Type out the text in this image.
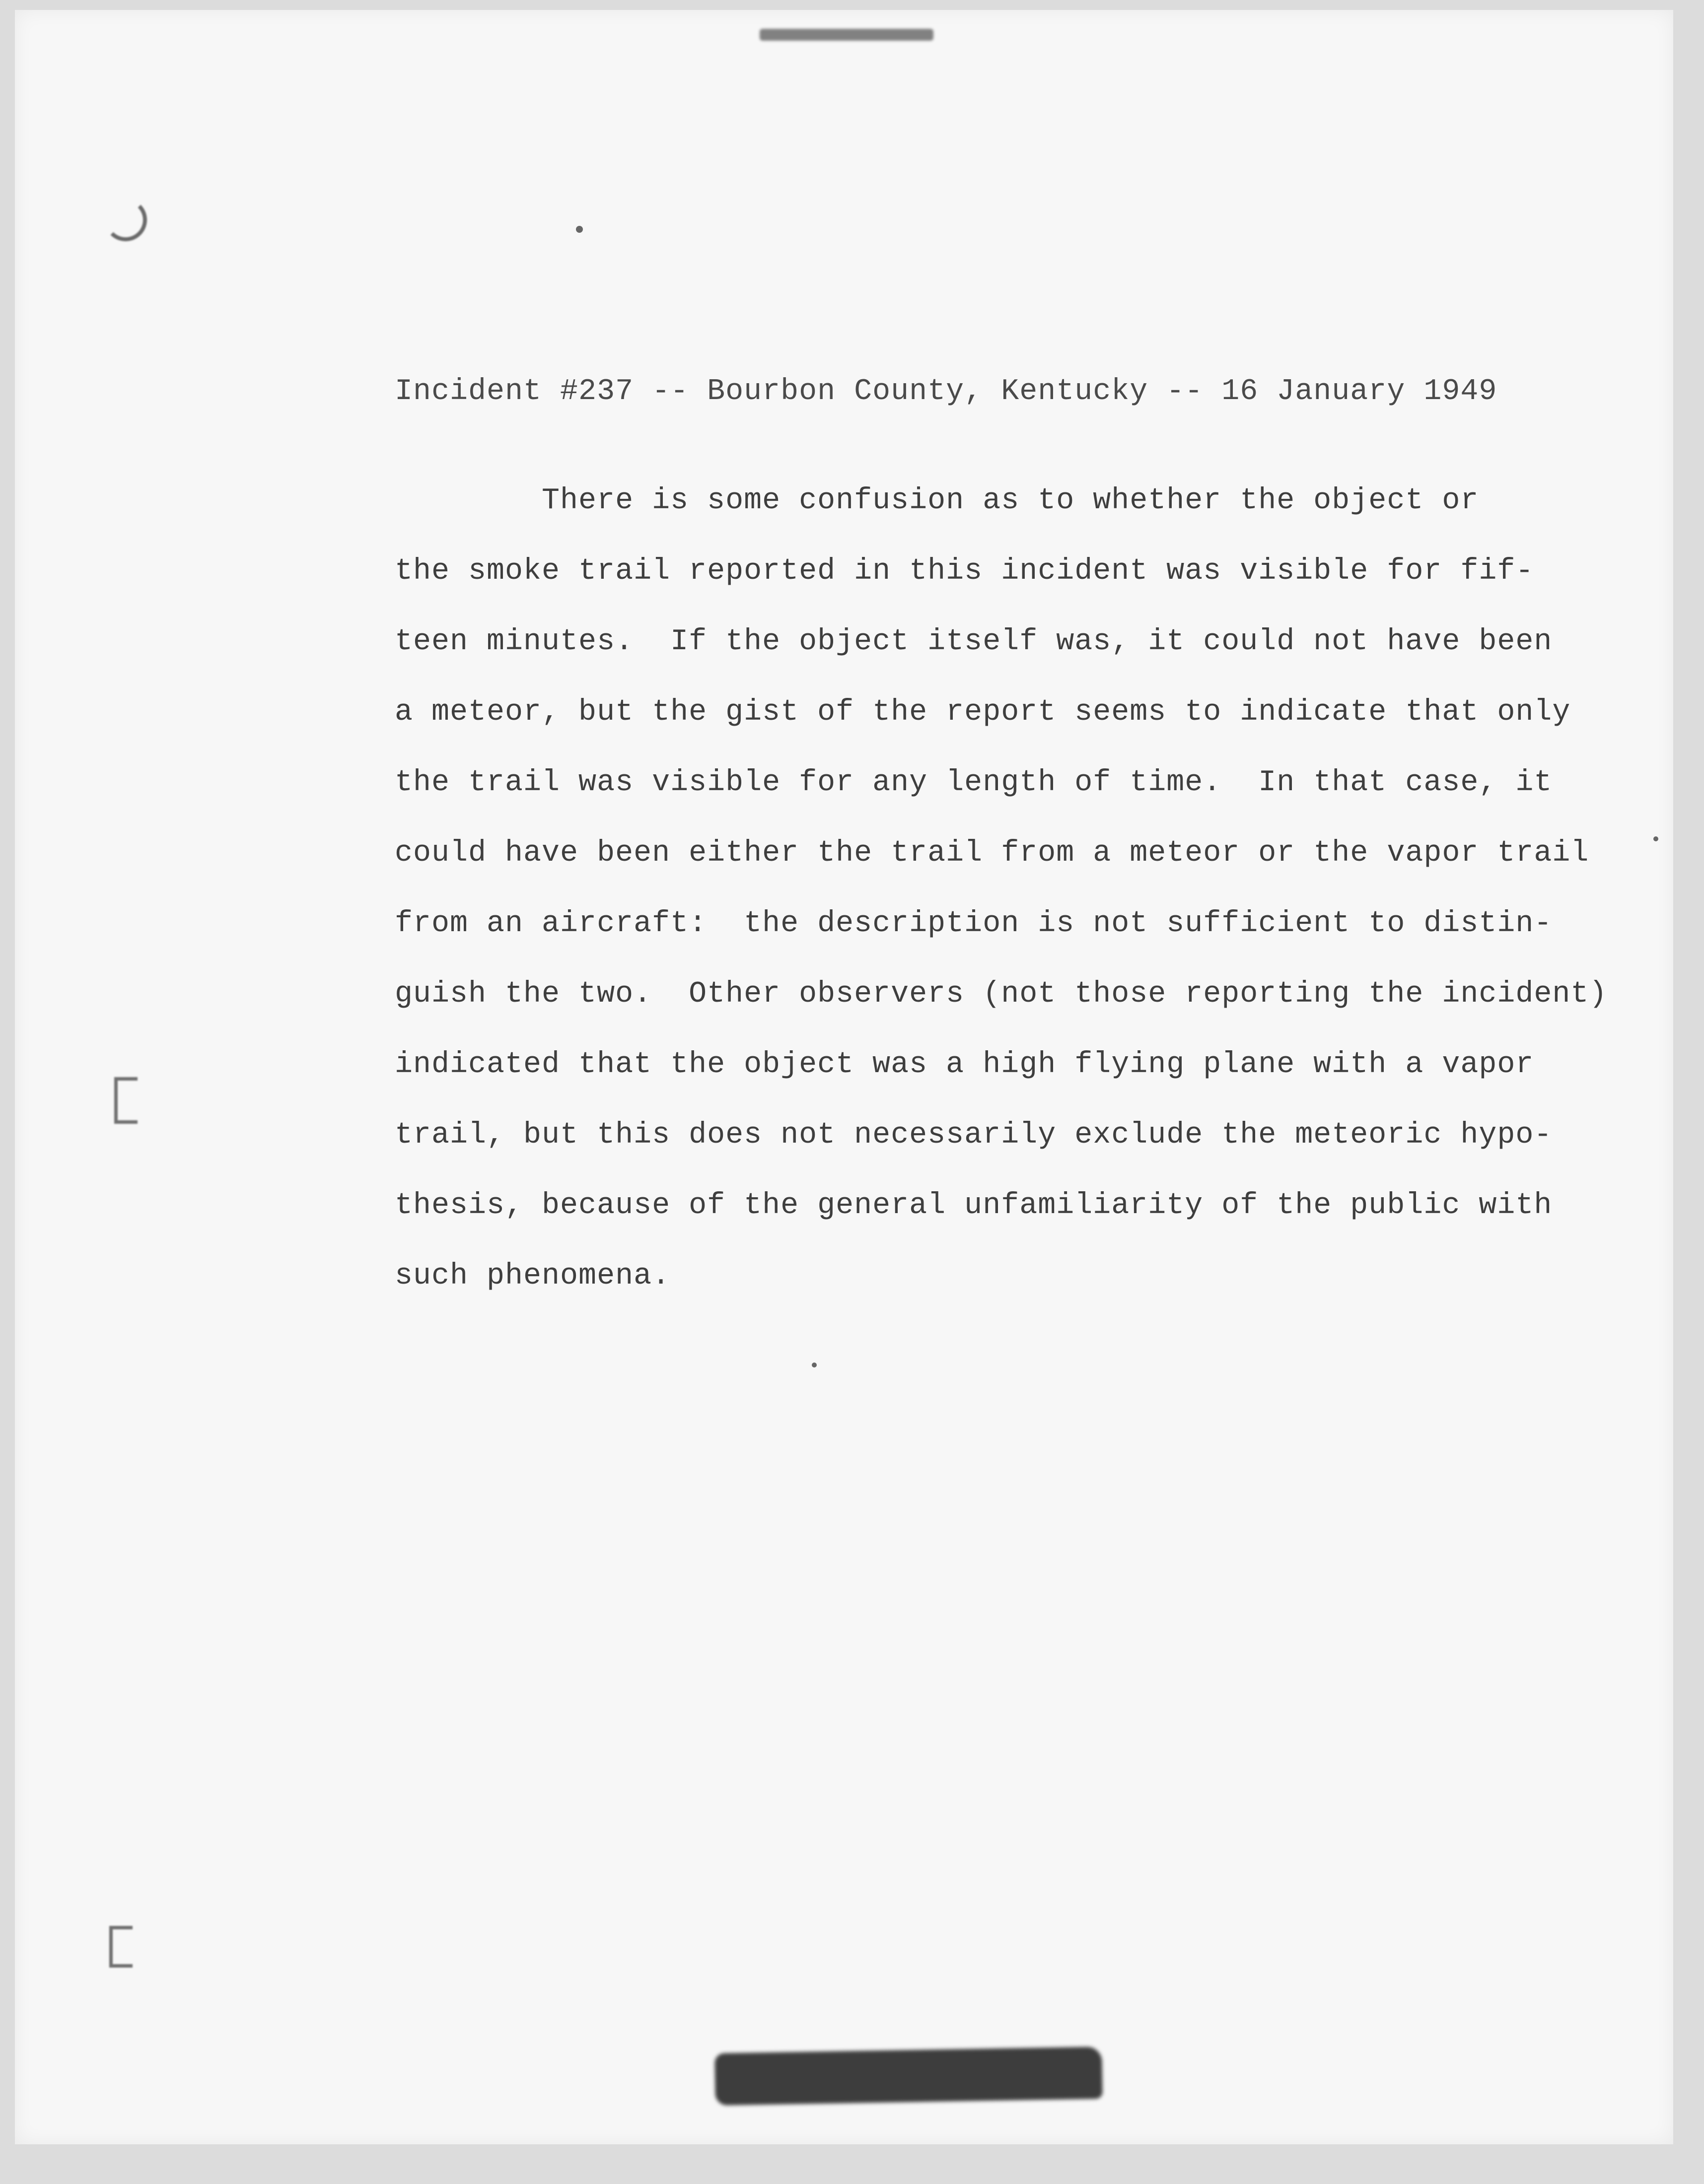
Incident #237 -- Bourbon County, Kentucky -- 16 January 1949
There is some confusion as to whether the object or
the smoke trail reported in this incident was visible for fif-
teen minutes.  If the object itself was, it could not have been
a meteor, but the gist of the report seems to indicate that only
the trail was visible for any length of time.  In that case, it
could have been either the trail from a meteor or the vapor trail
from an aircraft:  the description is not sufficient to distin-
guish the two.  Other observers (not those reporting the incident)
indicated that the object was a high flying plane with a vapor
trail, but this does not necessarily exclude the meteoric hypo-
thesis, because of the general unfamiliarity of the public with
such phenomena.
